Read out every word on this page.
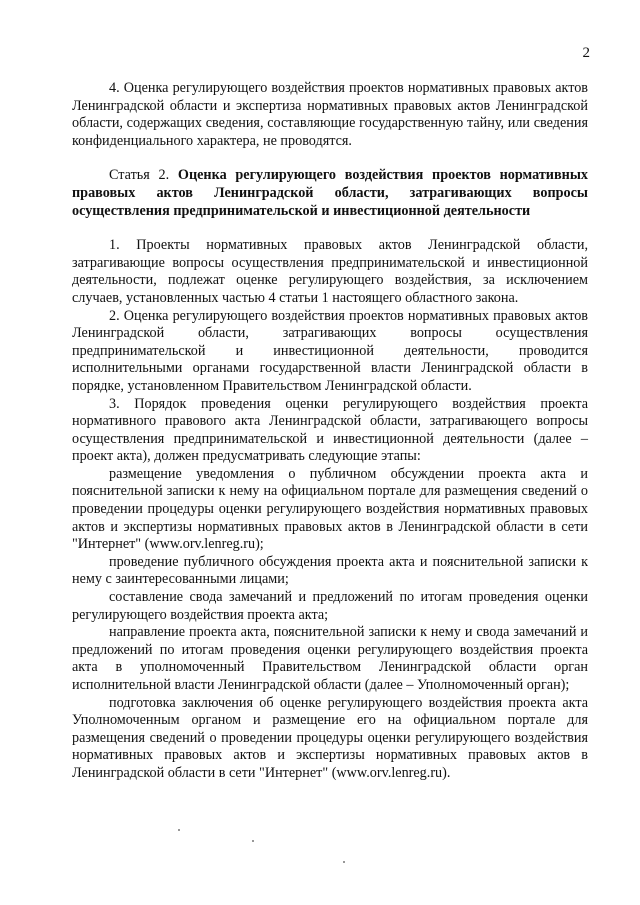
2

4. Оценка регулирующего воздействия проектов нормативных правовых актов Ленинградской области и экспертиза нормативных правовых актов Ленинградской области, содержащих сведения, составляющие государственную тайну, или сведения конфиденциального характера, не проводятся.

Статья 2. Оценка регулирующего воздействия проектов нормативных правовых актов Ленинградской области, затрагивающих вопросы осуществления предпринимательской и инвестиционной деятельности

1. Проекты нормативных правовых актов Ленинградской области, затрагивающие вопросы осуществления предпринимательской и инвестиционной деятельности, подлежат оценке регулирующего воздействия, за исключением случаев, установленных частью 4 статьи 1 настоящего областного закона.

2. Оценка регулирующего воздействия проектов нормативных правовых актов Ленинградской области, затрагивающих вопросы осуществления предпринимательской и инвестиционной деятельности, проводится исполнительными органами государственной власти Ленинградской области в порядке, установленном Правительством Ленинградской области.

3. Порядок проведения оценки регулирующего воздействия проекта нормативного правового акта Ленинградской области, затрагивающего вопросы осуществления предпринимательской и инвестиционной деятельности (далее – проект акта), должен предусматривать следующие этапы:

размещение уведомления о публичном обсуждении проекта акта и пояснительной записки к нему на официальном портале для размещения сведений о проведении процедуры оценки регулирующего воздействия нормативных правовых актов и экспертизы нормативных правовых актов в Ленинградской области в сети "Интернет" (www.orv.lenreg.ru);

проведение публичного обсуждения проекта акта и пояснительной записки к нему с заинтересованными лицами;

составление свода замечаний и предложений по итогам проведения оценки регулирующего воздействия проекта акта;

направление проекта акта, пояснительной записки к нему и свода замечаний и предложений по итогам проведения оценки регулирующего воздействия проекта акта в уполномоченный Правительством Ленинградской области орган исполнительной власти Ленинградской области (далее – Уполномоченный орган);

подготовка заключения об оценке регулирующего воздействия проекта акта Уполномоченным органом и размещение его на официальном портале для размещения сведений о проведении процедуры оценки регулирующего воздействия нормативных правовых актов и экспертизы нормативных правовых актов в Ленинградской области в сети "Интернет" (www.orv.lenreg.ru).
